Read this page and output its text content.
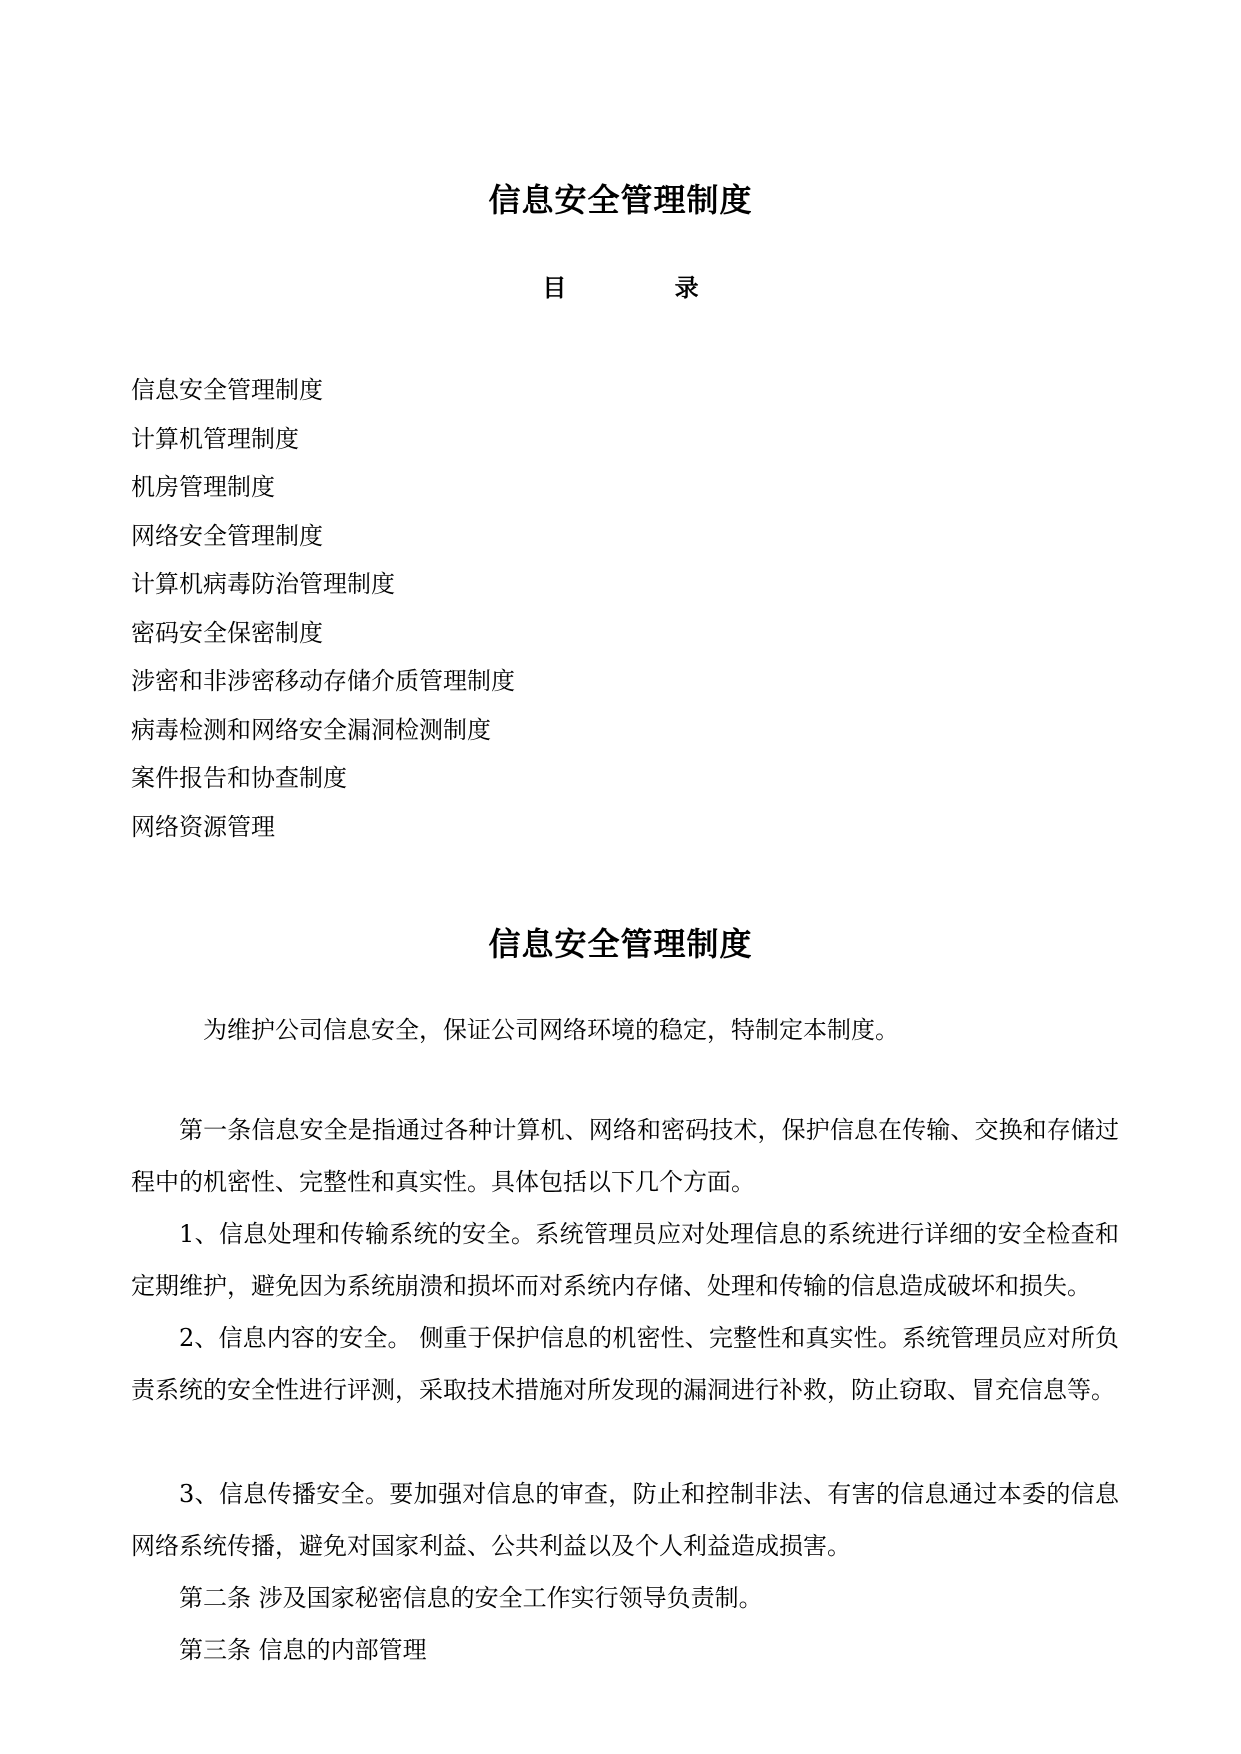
信息安全管理制度
目 录
信息安全管理制度
计算机管理制度
机房管理制度
网络安全管理制度
计算机病毒防治管理制度
密码安全保密制度
涉密和非涉密移动存储介质管理制度
病毒检测和网络安全漏洞检测制度
案件报告和协查制度
网络资源管理
信息安全管理制度

为维护公司信息安全，保证公司网络环境的稳定，特制定本制度。

第一条信息安全是指通过各种计算机、网络和密码技术，保护信息在传输、交换和存储过程中的机密性、完整性和真实性。具体包括以下几个方面。

1、信息处理和传输系统的安全。系统管理员应对处理信息的系统进行详细的安全检查和定期维护，避免因为系统崩溃和损坏而对系统内存储、处理和传输的信息造成破坏和损失。

2、信息内容的安全。 侧重于保护信息的机密性、完整性和真实性。系统管理员应对所负责系统的安全性进行评测，采取技术措施对所发现的漏洞进行补救，防止窃取、冒充信息等。

3、信息传播安全。要加强对信息的审查，防止和控制非法、有害的信息通过本委的信息网络系统传播，避免对国家利益、公共利益以及个人利益造成损害。

第二条 涉及国家秘密信息的安全工作实行领导负责制。

第三条 信息的内部管理
